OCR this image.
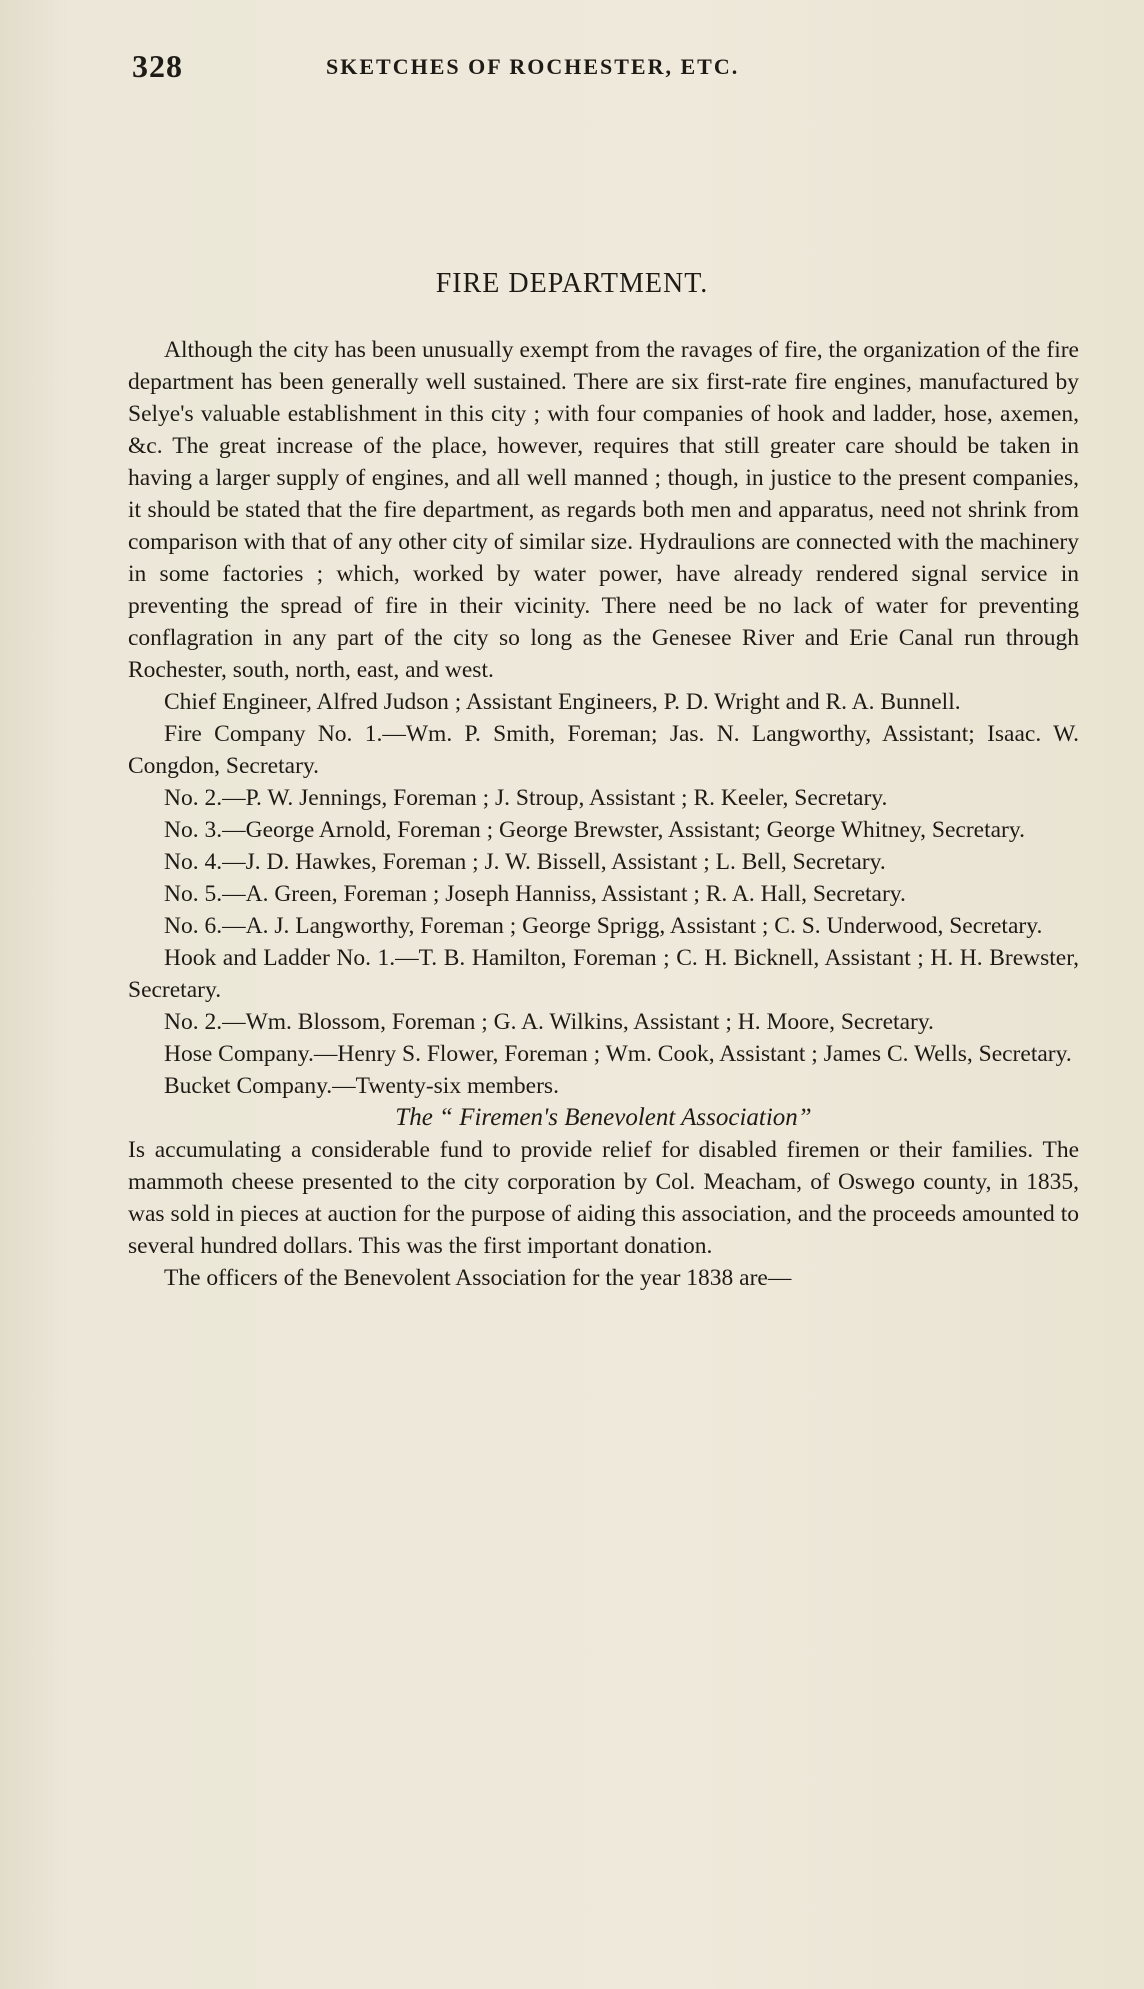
328	SKETCHES OF ROCHESTER, ETC.
FIRE DEPARTMENT.

Although the city has been unusually exempt from the ravages of fire, the organization of the fire department has been generally well sustained. There are six first-rate fire engines, manufactured by Selye's valuable establishment in this city ; with four companies of hook and ladder, hose, axemen, &c. The great increase of the place, however, requires that still greater care should be taken in having a larger supply of engines, and all well manned ; though, in justice to the present companies, it should be stated that the fire department, as regards both men and apparatus, need not shrink from comparison with that of any other city of similar size. Hydraulions are connected with the machinery in some factories ; which, worked by water power, have already rendered signal service in preventing the spread of fire in their vicinity. There need be no lack of water for preventing conflagration in any part of the city so long as the Genesee River and Erie Canal run through Rochester, south, north, east, and west.

Chief Engineer, Alfred Judson ; Assistant Engineers, P. D. Wright and R. A. Bunnell.

Fire Company No. 1.—Wm. P. Smith, Foreman; Jas. N. Langworthy, Assistant; Isaac. W. Congdon, Secretary.

No. 2.—P. W. Jennings, Foreman ; J. Stroup, Assistant ; R. Keeler, Secretary.

No. 3.—George Arnold, Foreman ; George Brewster, Assistant; George Whitney, Secretary.

No. 4.—J. D. Hawkes, Foreman ; J. W. Bissell, Assistant ; L. Bell, Secretary.

No. 5.—A. Green, Foreman ; Joseph Hanniss, Assistant ; R. A. Hall, Secretary.

No. 6.—A. J. Langworthy, Foreman ; George Sprigg, Assistant ; C. S. Underwood, Secretary.

Hook and Ladder No. 1.—T. B. Hamilton, Foreman ; C. H. Bicknell, Assistant ; H. H. Brewster, Secretary.

No. 2.—Wm. Blossom, Foreman ; G. A. Wilkins, Assistant ; H. Moore, Secretary.

Hose Company.—Henry S. Flower, Foreman ; Wm. Cook, Assistant ; James C. Wells, Secretary.

Bucket Company.—Twenty-six members.

The “ Firemen's Benevolent Association”

Is accumulating a considerable fund to provide relief for disabled firemen or their families. The mammoth cheese presented to the city corporation by Col. Meacham, of Oswego county, in 1835, was sold in pieces at auction for the purpose of aiding this association, and the proceeds amounted to several hundred dollars. This was the first important donation.

The officers of the Benevolent Association for the year 1838 are—
